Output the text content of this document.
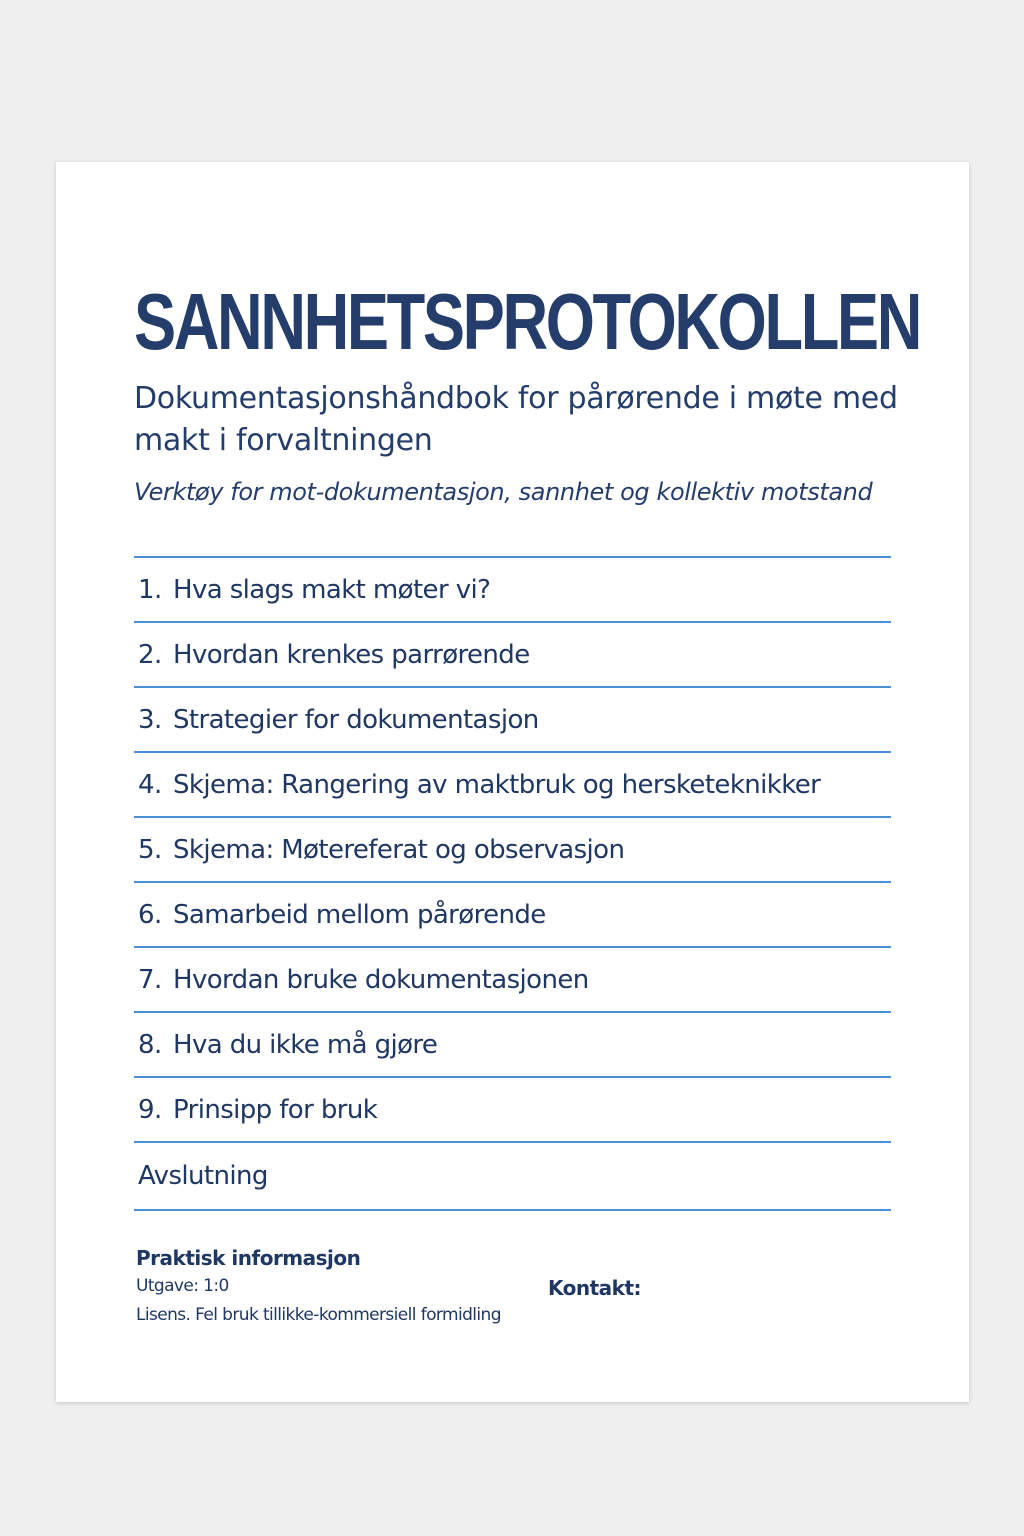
SANNHETSPROTOKOLLEN
Dokumentasjonshåndbok for pårørende i møte med makt i forvaltningen

Verktøy for mot-dokumentasjon, sannhet og kollektiv motstand

1. Hva slags makt møter vi?
2. Hvordan krenkes parrørende
3. Strategier for dokumentasjon
4. Skjema: Rangering av maktbruk og hersketeknikker
5. Skjema: Møtereferat og observasjon
6. Samarbeid mellom pårørende
7. Hvordan bruke dokumentasjonen
8. Hva du ikke må gjøre
9. Prinsipp for bruk
Avslutning
Praktisk informasjon
Utgave: 1:0
Lisens. Fel bruk tillikke-kommersiell formidling
Kontakt:
